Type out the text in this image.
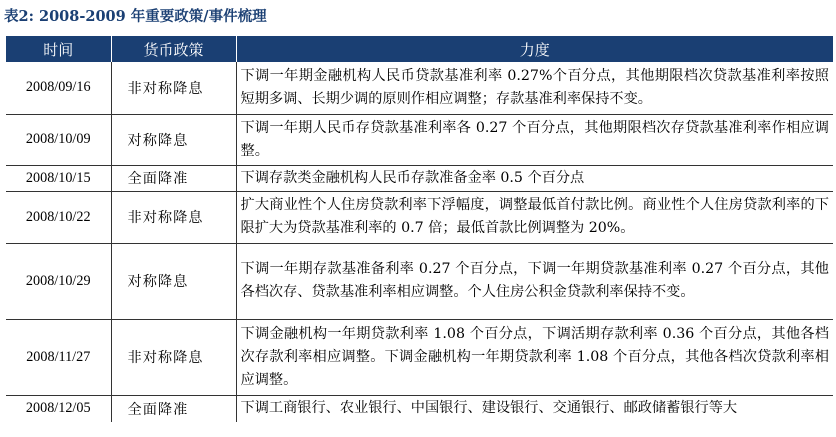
表2: 2008-2009 年重要政策/事件梳理
时间	货币政策	力度
2008/09/16	非对称降息	下调一年期金融机构人民币贷款基准利率 0.27%个百分点，其他期限档次贷款基准利率按照短期多调、长期少调的原则作相应调整；存款基准利率保持不变。
2008/10/09	对称降息	下调一年期人民币存贷款基准利率各 0.27 个百分点，其他期限档次存贷款基准利率作相应调整。
2008/10/15	全面降准	下调存款类金融机构人民币存款准备金率 0.5 个百分点
2008/10/22	非对称降息	扩大商业性个人住房贷款利率下浮幅度，调整最低首付款比例。商业性个人住房贷款利率的下限扩大为贷款基准利率的 0.7 倍；最低首款比例调整为 20%。
2008/10/29	对称降息	下调一年期存款基准备利率 0.27 个百分点，下调一年期贷款基准利率 0.27 个百分点，其他各档次存、贷款基准利率相应调整。个人住房公积金贷款利率保持不变。
2008/11/27	非对称降息	下调金融机构一年期贷款利率 1.08 个百分点，下调活期存款利率 0.36 个百分点，其他各档次存款利率相应调整。下调金融机构一年期贷款利率 1.08 个百分点，其他各档次贷款利率相应调整。
2008/12/05	全面降准	下调工商银行、农业银行、中国银行、建设银行、交通银行、邮政储蓄银行等大
